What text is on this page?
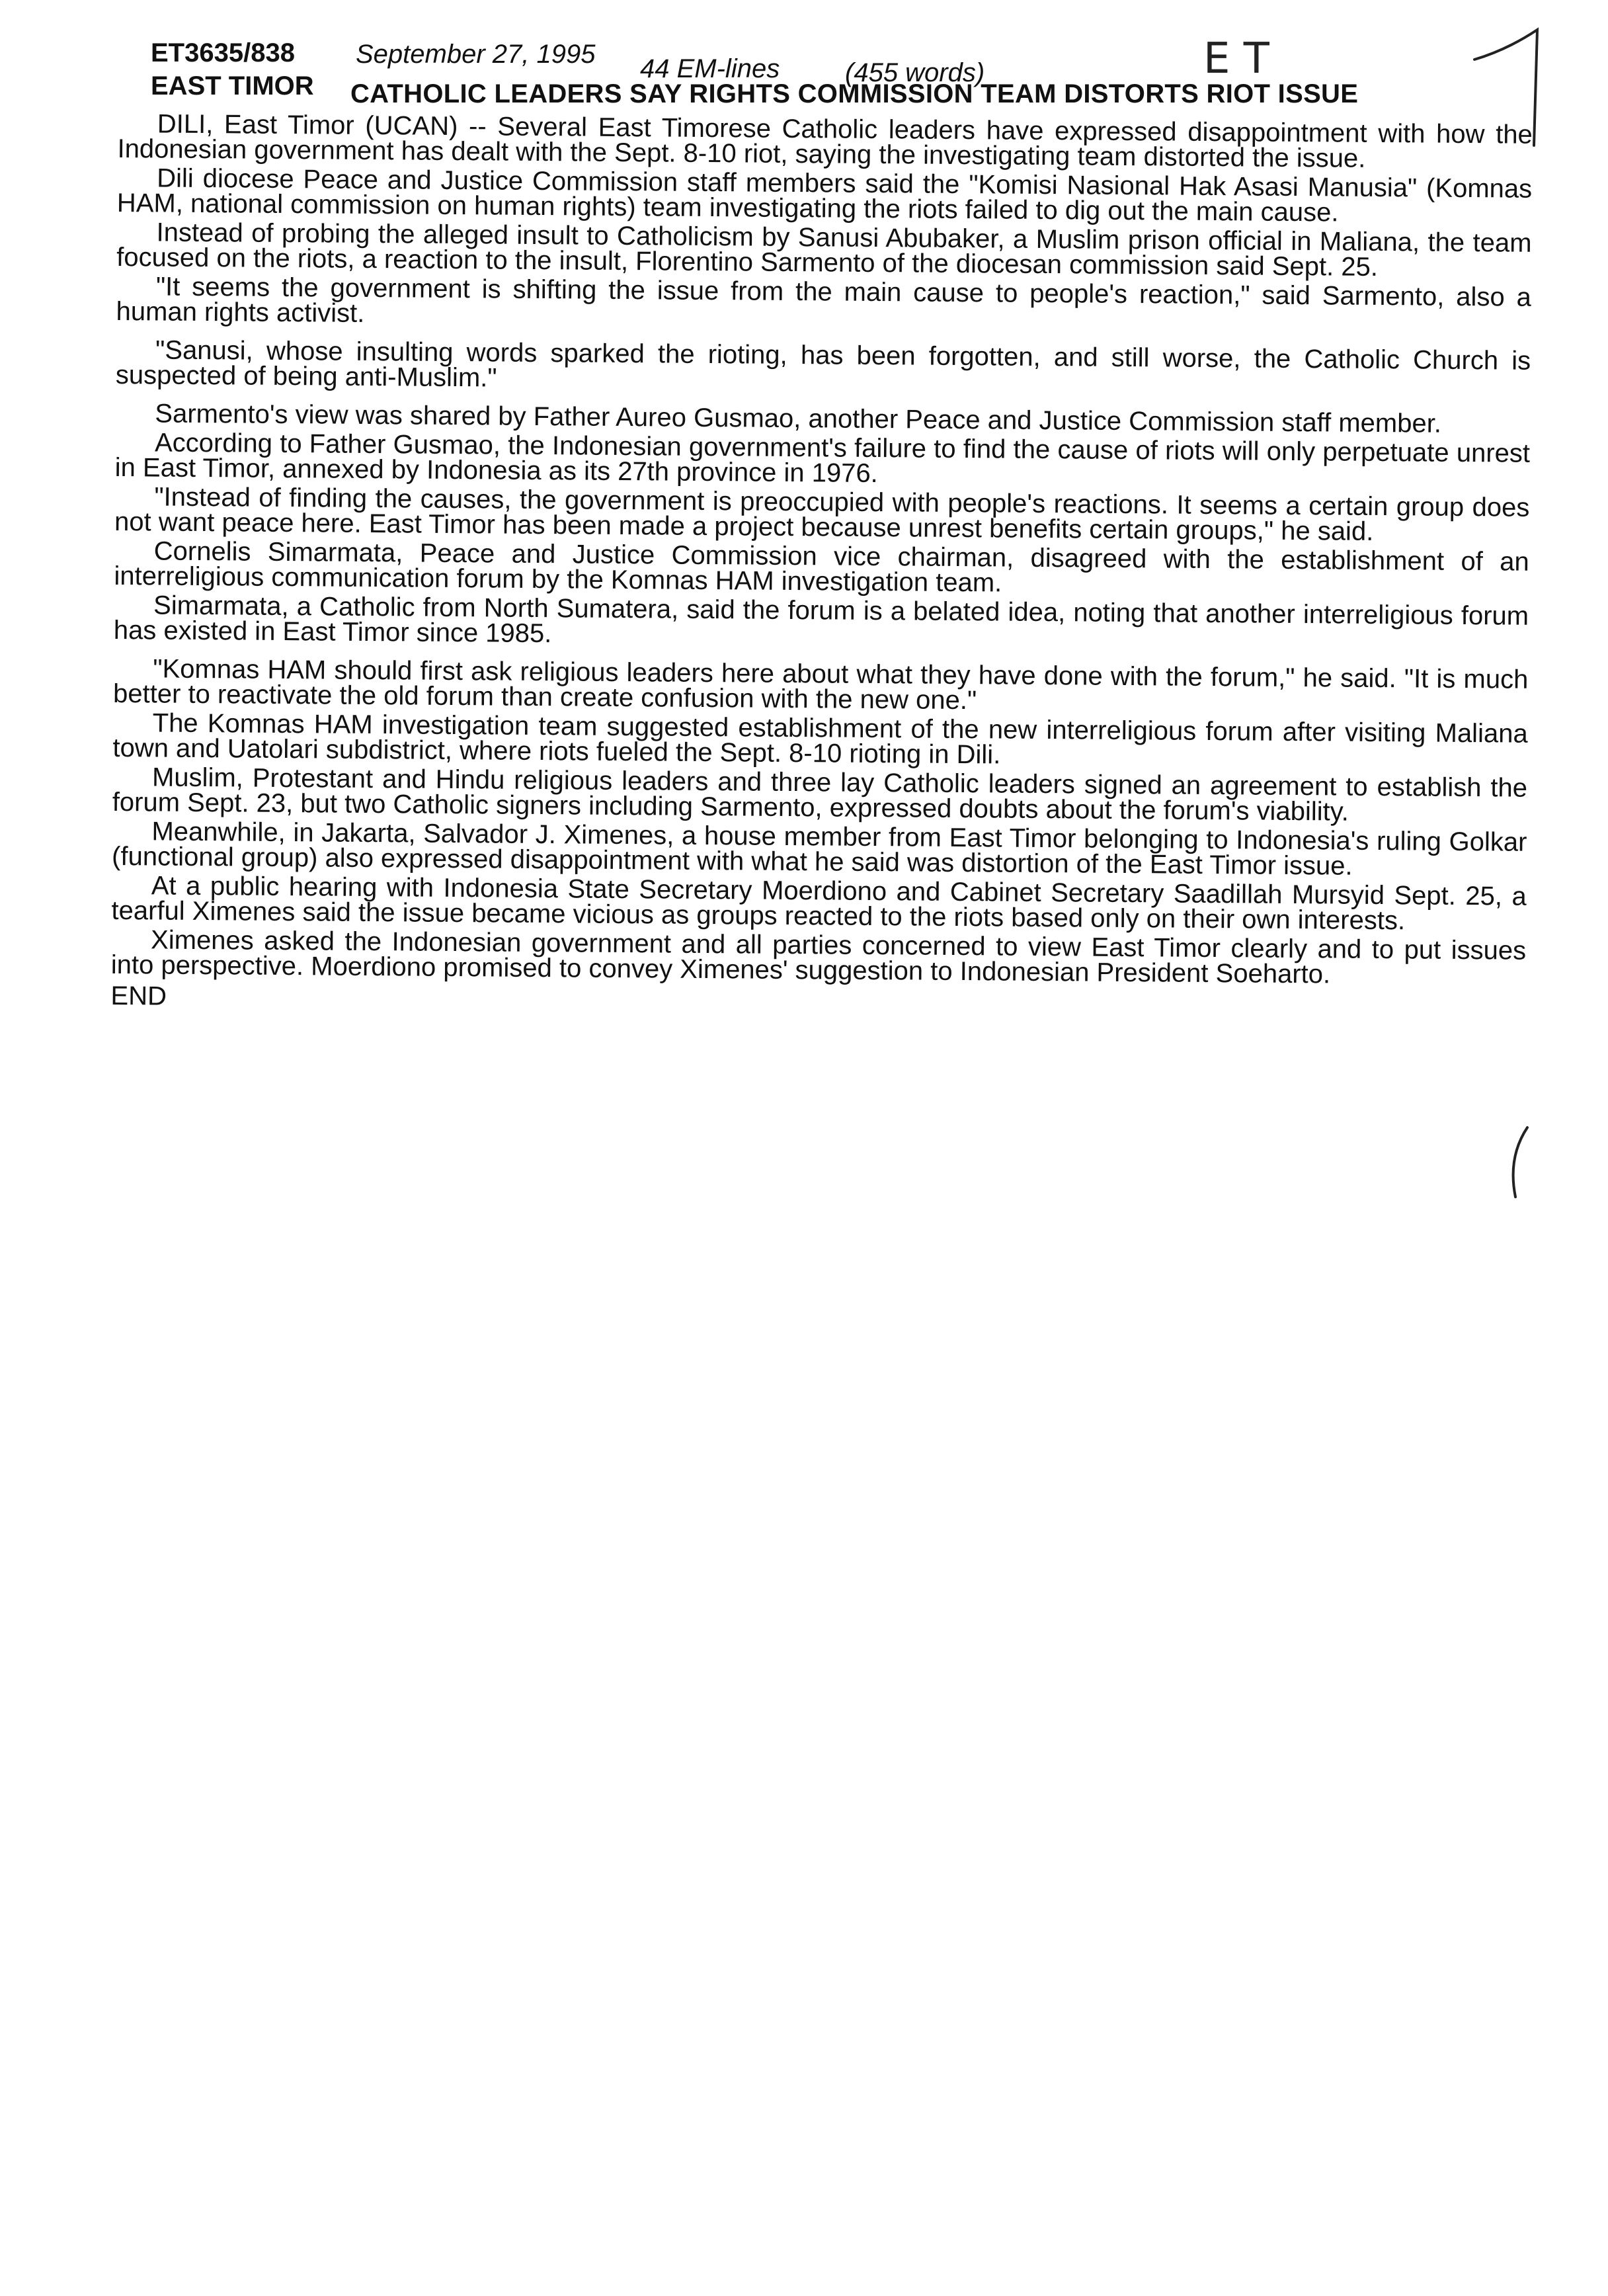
ET3635/838 September 27, 1995 44 EM-lines (455 words)
EAST TIMOR CATHOLIC LEADERS SAY RIGHTS COMMISSION TEAM DISTORTS RIOT ISSUE
E T

DILI, East Timor (UCAN) -- Several East Timorese Catholic leaders have expressed disappointment with how the Indonesian government has dealt with the Sept. 8-10 riot, saying the investigating team distorted the issue.

Dili diocese Peace and Justice Commission staff members said the "Komisi Nasional Hak Asasi Manusia" (Komnas HAM, national commission on human rights) team investigating the riots failed to dig out the main cause.

Instead of probing the alleged insult to Catholicism by Sanusi Abubaker, a Muslim prison official in Maliana, the team focused on the riots, a reaction to the insult, Florentino Sarmento of the diocesan commission said Sept. 25.

"It seems the government is shifting the issue from the main cause to people's reaction," said Sarmento, also a human rights activist.

"Sanusi, whose insulting words sparked the rioting, has been forgotten, and still worse, the Catholic Church is suspected of being anti-Muslim."

Sarmento's view was shared by Father Aureo Gusmao, another Peace and Justice Commission staff member.

According to Father Gusmao, the Indonesian government's failure to find the cause of riots will only perpetuate unrest in East Timor, annexed by Indonesia as its 27th province in 1976.

"Instead of finding the causes, the government is preoccupied with people's reactions. It seems a certain group does not want peace here. East Timor has been made a project because unrest benefits certain groups," he said.

Cornelis Simarmata, Peace and Justice Commission vice chairman, disagreed with the establishment of an interreligious communication forum by the Komnas HAM investigation team.

Simarmata, a Catholic from North Sumatera, said the forum is a belated idea, noting that another interreligious forum has existed in East Timor since 1985.

"Komnas HAM should first ask religious leaders here about what they have done with the forum," he said. "It is much better to reactivate the old forum than create confusion with the new one."

The Komnas HAM investigation team suggested establishment of the new interreligious forum after visiting Maliana town and Uatolari subdistrict, where riots fueled the Sept. 8-10 rioting in Dili.

Muslim, Protestant and Hindu religious leaders and three lay Catholic leaders signed an agreement to establish the forum Sept. 23, but two Catholic signers including Sarmento, expressed doubts about the forum's viability.

Meanwhile, in Jakarta, Salvador J. Ximenes, a house member from East Timor belonging to Indonesia's ruling Golkar (functional group) also expressed disappointment with what he said was distortion of the East Timor issue.

At a public hearing with Indonesia State Secretary Moerdiono and Cabinet Secretary Saadillah Mursyid Sept. 25, a tearful Ximenes said the issue became vicious as groups reacted to the riots based only on their own interests.

Ximenes asked the Indonesian government and all parties concerned to view East Timor clearly and to put issues into perspective. Moerdiono promised to convey Ximenes' suggestion to Indonesian President Soeharto.

END
